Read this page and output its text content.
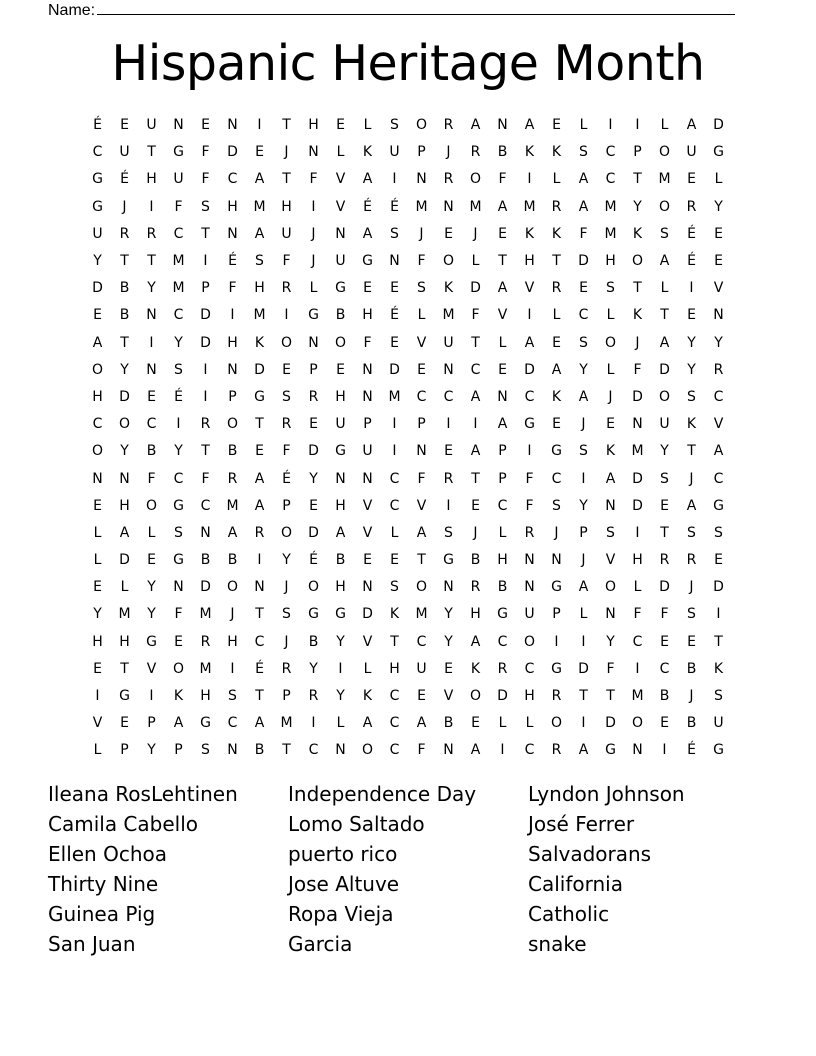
Name:
Hispanic Heritage Month
É	E	U	N	E	N	I	T	H	E	L	S	O	R	A	N	A	E	L	I	I	L	A	D
C	U	T	G	F	D	E	J	N	L	K	U	P	J	R	B	K	K	S	C	P	O	U	G
G	É	H	U	F	C	A	T	F	V	A	I	N	R	O	F	I	L	A	C	T	M	E	L
G	J	I	F	S	H	M	H	I	V	É	É	M	N	M	A	M	R	A	M	Y	O	R	Y
U	R	R	C	T	N	A	U	J	N	A	S	J	E	J	E	K	K	F	M	K	S	É	E
Y	T	T	M	I	É	S	F	J	U	G	N	F	O	L	T	H	T	D	H	O	A	É	E
D	B	Y	M	P	F	H	R	L	G	E	E	S	K	D	A	V	R	E	S	T	L	I	V
E	B	N	C	D	I	M	I	G	B	H	É	L	M	F	V	I	L	C	L	K	T	E	N
A	T	I	Y	D	H	K	O	N	O	F	E	V	U	T	L	A	E	S	O	J	A	Y	Y
O	Y	N	S	I	N	D	E	P	E	N	D	E	N	C	E	D	A	Y	L	F	D	Y	R
H	D	E	É	I	P	G	S	R	H	N	M	C	C	A	N	C	K	A	J	D	O	S	C
C	O	C	I	R	O	T	R	E	U	P	I	P	I	I	A	G	E	J	E	N	U	K	V
O	Y	B	Y	T	B	E	F	D	G	U	I	N	E	A	P	I	G	S	K	M	Y	T	A
N	N	F	C	F	R	A	É	Y	N	N	C	F	R	T	P	F	C	I	A	D	S	J	C
E	H	O	G	C	M	A	P	E	H	V	C	V	I	E	C	F	S	Y	N	D	E	A	G
L	A	L	S	N	A	R	O	D	A	V	L	A	S	J	L	R	J	P	S	I	T	S	S
L	D	E	G	B	B	I	Y	É	B	E	E	T	G	B	H	N	N	J	V	H	R	R	E
E	L	Y	N	D	O	N	J	O	H	N	S	O	N	R	B	N	G	A	O	L	D	J	D
Y	M	Y	F	M	J	T	S	G	G	D	K	M	Y	H	G	U	P	L	N	F	F	S	I
H	H	G	E	R	H	C	J	B	Y	V	T	C	Y	A	C	O	I	I	Y	C	E	E	T
E	T	V	O	M	I	É	R	Y	I	L	H	U	E	K	R	C	G	D	F	I	C	B	K
I	G	I	K	H	S	T	P	R	Y	K	C	E	V	O	D	H	R	T	T	M	B	J	S
V	E	P	A	G	C	A	M	I	L	A	C	A	B	E	L	L	O	I	D	O	E	B	U
L	P	Y	P	S	N	B	T	C	N	O	C	F	N	A	I	C	R	A	G	N	I	É	G
Ileana RosLehtinen	Independence Day	Lyndon Johnson
Camila Cabello	Lomo Saltado	José Ferrer
Ellen Ochoa	puerto rico	Salvadorans
Thirty Nine	Jose Altuve	California
Guinea Pig	Ropa Vieja	Catholic
San Juan	Garcia	snake
